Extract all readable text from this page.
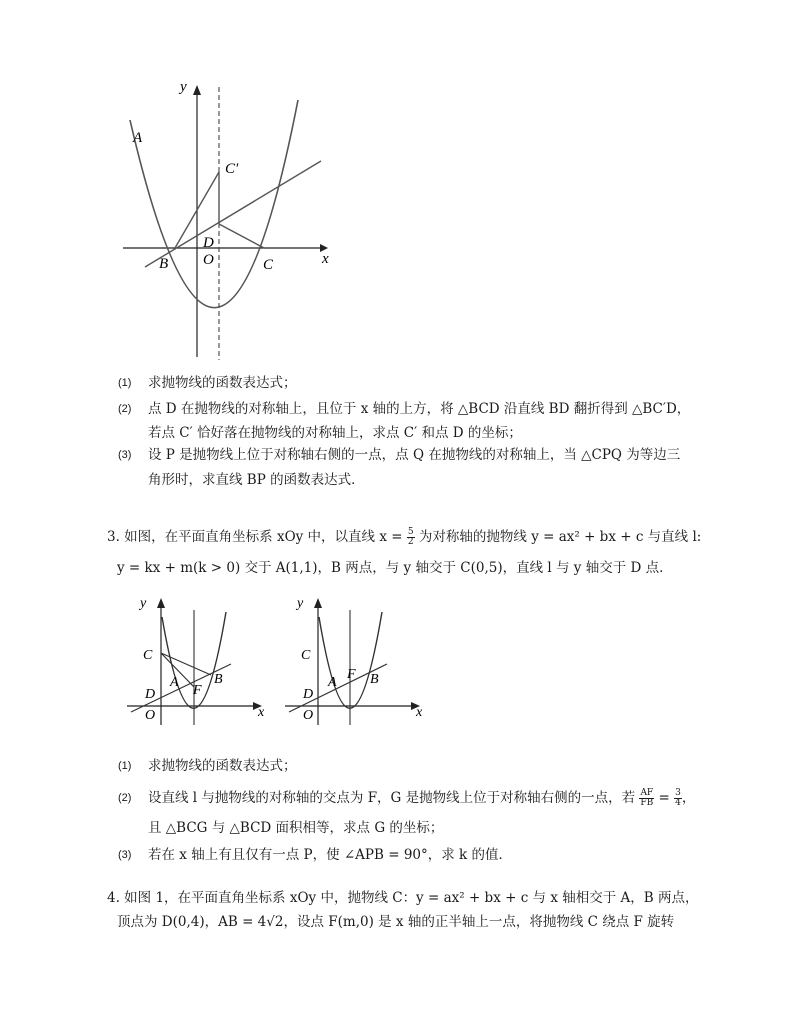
y
x
A
C′
D
O
B	C
(1) 求抛物线的函数表达式；
(2) 点 D 在抛物线的对称轴上，且位于 x 轴的上方，将 △BCD 沿直线 BD 翻折得到 △BC′D，
若点 C′ 恰好落在抛物线的对称轴上，求点 C′ 和点 D 的坐标；
(3) 设 P 是抛物线上位于对称轴右侧的一点，点 Q 在抛物线的对称轴上，当 △CPQ 为等边三
角形时，求直线 BP 的函数表达式．
3. 如图，在平面直角坐标系 xOy 中，以直线 $x = \frac{5}{2}$ 为对称轴的抛物线 y = ax² + bx + c 与直线 l:
y = kx + m(k > 0) 交于 A(1,1)，B 两点，与 y 轴交于 C(0,5)，直线 l 与 y 轴交于 D 点．
y
x
C
A	B
D	F
O
y
x
C
A
F B
D
O
(1) 求抛物线的函数表达式；
(2) 设直线 l 与抛物线的对称轴的交点为 F，G 是抛物线上位于对称轴右侧的一点，若 $\frac{AF}{FB} = \frac{3}{4}$ ，
且 △BCG 与 △BCD 面积相等，求点 G 的坐标；
(3) 若在 x 轴上有且仅有一点 P，使 ∠APB = 90°，求 k 的值．
4. 如图 1，在平面直角坐标系 xOy 中，抛物线 C：y = ax² + bx + c 与 x 轴相交于 A，B 两点，
顶点为 D(0,4)，AB = 4√2，设点 F(m,0) 是 x 轴的正半轴上一点，将抛物线 C 绕点 F 旋转
